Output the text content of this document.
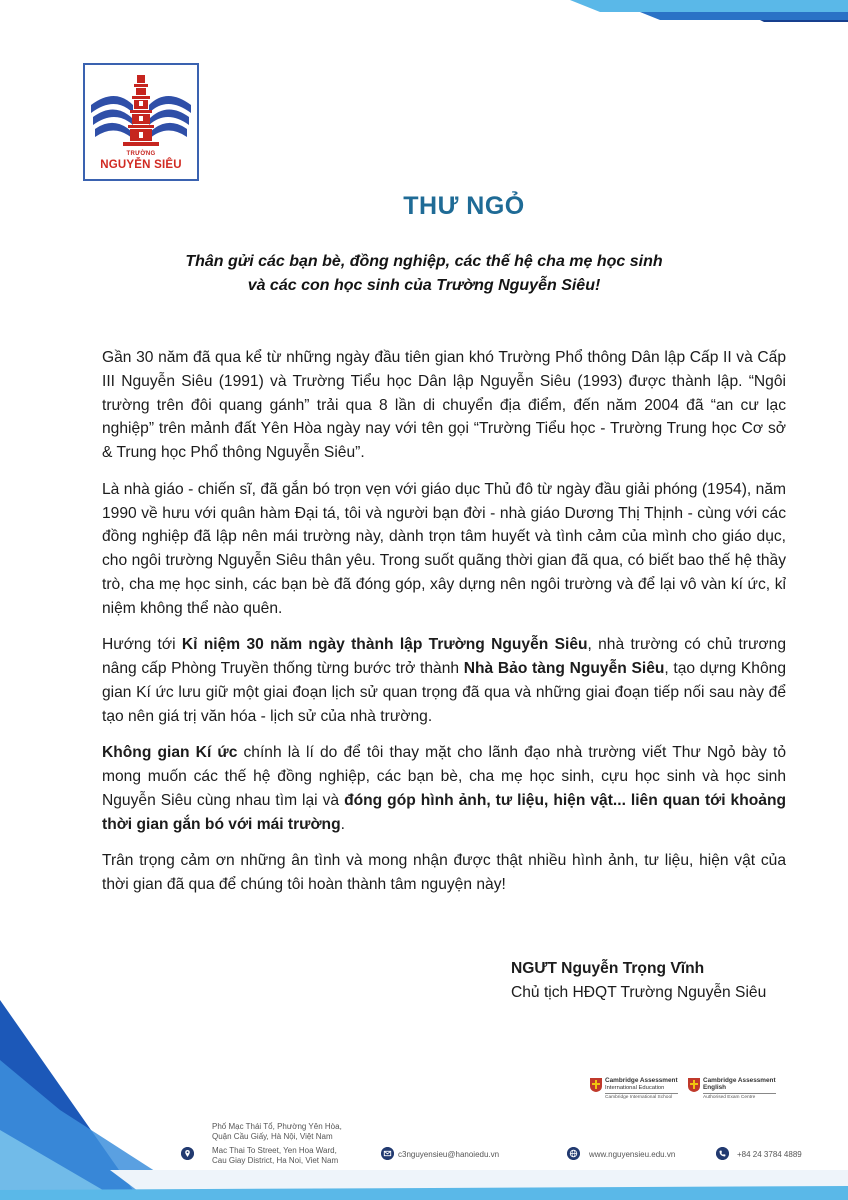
TRƯỜNG
NGUYỄN SIÊU
THƯ NGỎ
Thân gửi các bạn bè, đồng nghiệp, các thế hệ cha mẹ học sinh
và các con học sinh của Trường Nguyễn Siêu!

Gần 30 năm đã qua kể từ những ngày đầu tiên gian khó Trường Phổ thông Dân lập Cấp II và Cấp III Nguyễn Siêu (1991) và Trường Tiểu học Dân lập Nguyễn Siêu (1993) được thành lập. “Ngôi trường trên đôi quang gánh” trải qua 8 lần di chuyển địa điểm, đến năm 2004 đã “an cư lạc nghiệp” trên mảnh đất Yên Hòa ngày nay với tên gọi “Trường Tiểu học - Trường Trung học Cơ sở & Trung học Phổ thông Nguyễn Siêu”.

Là nhà giáo - chiến sĩ, đã gắn bó trọn vẹn với giáo dục Thủ đô từ ngày đầu giải phóng (1954), năm 1990 về hưu với quân hàm Đại tá, tôi và người bạn đời - nhà giáo Dương Thị Thịnh - cùng với các đồng nghiệp đã lập nên mái trường này, dành trọn tâm huyết và tình cảm của mình cho giáo dục, cho ngôi trường Nguyễn Siêu thân yêu. Trong suốt quãng thời gian đã qua, có biết bao thế hệ thầy trò, cha mẹ học sinh, các bạn bè đã đóng góp, xây dựng nên ngôi trường và để lại vô vàn kí ức, kỉ niệm không thể nào quên.

Hướng tới Kỉ niệm 30 năm ngày thành lập Trường Nguyễn Siêu, nhà trường có chủ trương nâng cấp Phòng Truyền thống từng bước trở thành Nhà Bảo tàng Nguyễn Siêu, tạo dựng Không gian Kí ức lưu giữ một giai đoạn lịch sử quan trọng đã qua và những giai đoạn tiếp nối sau này để tạo nên giá trị văn hóa - lịch sử của nhà trường.

Không gian Kí ức chính là lí do để tôi thay mặt cho lãnh đạo nhà trường viết Thư Ngỏ bày tỏ mong muốn các thế hệ đồng nghiệp, các bạn bè, cha mẹ học sinh, cựu học sinh và học sinh Nguyễn Siêu cùng nhau tìm lại và đóng góp hình ảnh, tư liệu, hiện vật... liên quan tới khoảng thời gian gắn bó với mái trường.

Trân trọng cảm ơn những ân tình và mong nhận được thật nhiều hình ảnh, tư liệu, hiện vật của thời gian đã qua để chúng tôi hoàn thành tâm nguyện này!

NGƯT Nguyễn Trọng Vĩnh
Chủ tịch HĐQT Trường Nguyễn Siêu
Cambridge Assessment
International Education
Cambridge International School
Cambridge Assessment
English
Authorised Exam Centre
Phố Mạc Thái Tổ, Phường Yên Hòa,
Quận Cầu Giấy, Hà Nội, Việt Nam
Mac Thai To Street, Yen Hoa Ward,
Cau Giay District, Ha Noi, Viet Nam
c3nguyensieu@hanoiedu.vn	www.nguyensieu.edu.vn	+84 24 3784 4889
